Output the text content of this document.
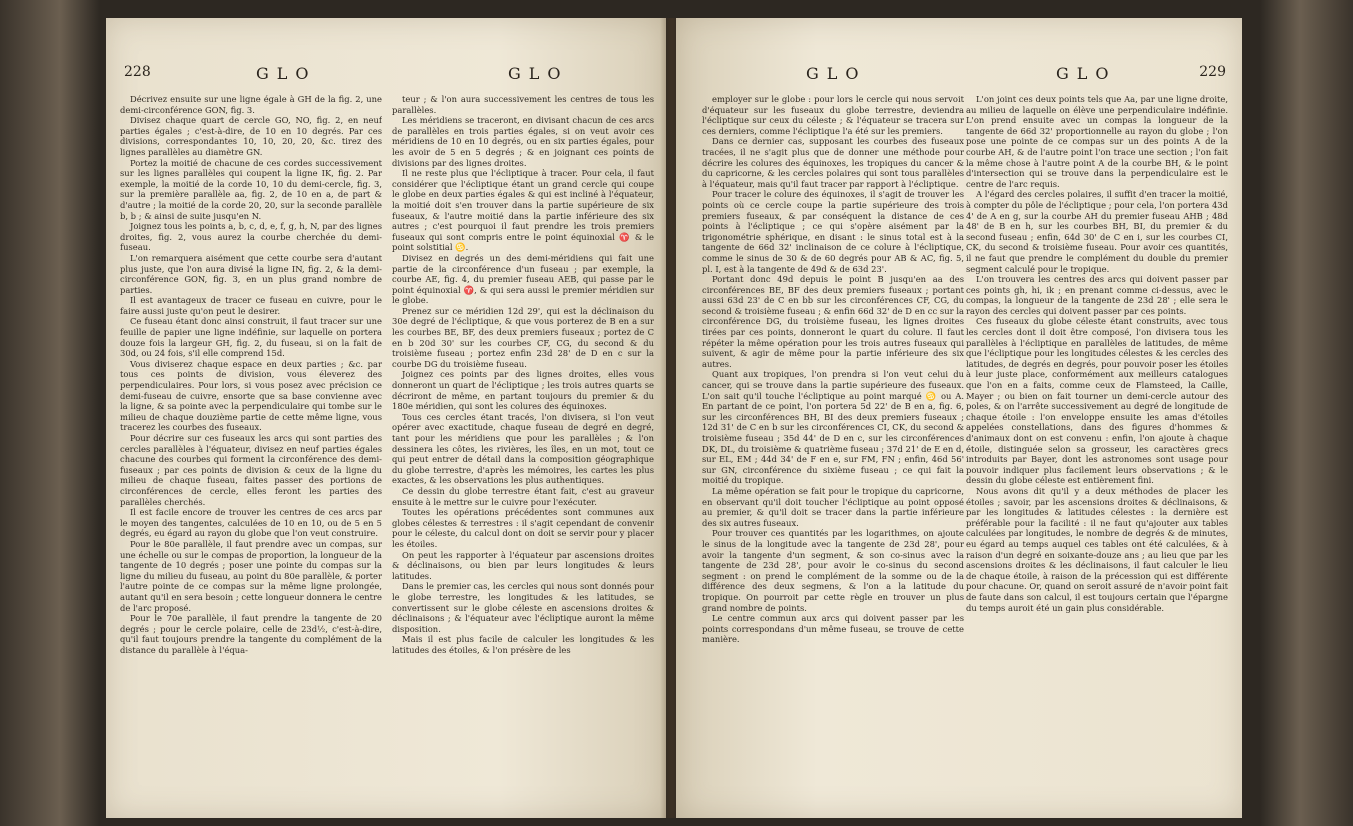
228	GLO	GLO

Décrivez ensuite sur une ligne égale à GH de la fig. 2, une demi-circonférence GON, fig. 3.

Divisez chaque quart de cercle GO, NO, fig. 2, en neuf parties égales ; c'est-à-dire, de 10 en 10 degrés. Par ces divisions, correspondantes 10, 10, 20, 20, &c. tirez des lignes parallèles au diamètre GN.

Portez la moitié de chacune de ces cordes successivement sur les lignes parallèles qui coupent la ligne IK, fig. 2. Par exemple, la moitié de la corde 10, 10 du demi-cercle, fig. 3, sur la première parallèle aa, fig. 2, de 10 en a, de part & d'autre ; la moitié de la corde 20, 20, sur la seconde parallèle b, b ; & ainsi de suite jusqu'en N.

Joignez tous les points a, b, c, d, e, f, g, h, N, par des lignes droites, fig. 2, vous aurez la courbe cherchée du demi-fuseau.

L'on remarquera aisément que cette courbe sera d'autant plus juste, que l'on aura divisé la ligne IN, fig. 2, & la demi-circonférence GON, fig. 3, en un plus grand nombre de parties.

Il est avantageux de tracer ce fuseau en cuivre, pour le faire aussi juste qu'on peut le desirer.

Ce fuseau étant donc ainsi construit, il faut tracer sur une feuille de papier une ligne indéfinie, sur laquelle on portera douze fois la largeur GH, fig. 2, du fuseau, si on la fait de 30d, ou 24 fois, s'il elle comprend 15d.

Vous diviserez chaque espace en deux parties ; &c. par tous ces points de division, vous éleverez des perpendiculaires. Pour lors, si vous posez avec précision ce demi-fuseau de cuivre, ensorte que sa base convienne avec la ligne, & sa pointe avec la perpendiculaire qui tombe sur le milieu de chaque douzième partie de cette même ligne, vous tracerez les courbes des fuseaux.

Pour décrire sur ces fuseaux les arcs qui sont parties des cercles parallèles à l'équateur, divisez en neuf parties égales chacune des courbes qui forment la circonférence des demi-fuseaux ; par ces points de division & ceux de la ligne du milieu de chaque fuseau, faites passer des portions de circonférences de cercle, elles feront les parties des parallèles cherchés.

Il est facile encore de trouver les centres de ces arcs par le moyen des tangentes, calculées de 10 en 10, ou de 5 en 5 degrés, eu égard au rayon du globe que l'on veut construire.

Pour le 80e parallèle, il faut prendre avec un compas, sur une échelle ou sur le compas de proportion, la longueur de la tangente de 10 degrés ; poser une pointe du compas sur la ligne du milieu du fuseau, au point du 80e parallèle, & porter l'autre pointe de ce compas sur la même ligne prolongée, autant qu'il en sera besoin ; cette longueur donnera le centre de l'arc proposé.

Pour le 70e parallèle, il faut prendre la tangente de 20 degrés ; pour le cercle polaire, celle de 23d½, c'est-à-dire, qu'il faut toujours prendre la tangente du complément de la distance du parallèle à l'équa-

teur ; & l'on aura successivement les centres de tous les parallèles.

Les méridiens se traceront, en divisant chacun de ces arcs de parallèles en trois parties égales, si on veut avoir ces méridiens de 10 en 10 degrés, ou en six parties égales, pour les avoir de 5 en 5 degrés ; & en joignant ces points de divisions par des lignes droites.

Il ne reste plus que l'écliptique à tracer. Pour cela, il faut considérer que l'écliptique étant un grand cercle qui coupe le globe en deux parties égales & qui est incliné à l'équateur, la moitié doit s'en trouver dans la partie supérieure de six fuseaux, & l'autre moitié dans la partie inférieure des six autres ; c'est pourquoi il faut prendre les trois premiers fuseaux qui sont compris entre le point équinoxial ♈ & le point solstitial ♋.

Divisez en degrés un des demi-méridiens qui fait une partie de la circonférence d'un fuseau ; par exemple, la courbe AE, fig. 4, du premier fuseau AEB, qui passe par le point équinoxial ♈, & qui sera aussi le premier méridien sur le globe.

Prenez sur ce méridien 12d 29', qui est la déclinaison du 30e degré de l'écliptique, & que vous porterez de B en a sur les courbes BE, BF, des deux premiers fuseaux ; portez de C en b 20d 30' sur les courbes CF, CG, du second & du troisième fuseau ; portez enfin 23d 28' de D en c sur la courbe DG du troisième fuseau.

Joignez ces points par des lignes droites, elles vous donneront un quart de l'écliptique ; les trois autres quarts se décriront de même, en partant toujours du premier & du 180e méridien, qui sont les colures des équinoxes.

Tous ces cercles étant tracés, l'on divisera, si l'on veut opérer avec exactitude, chaque fuseau de degré en degré, tant pour les méridiens que pour les parallèles ; & l'on dessinera les côtes, les rivières, les îles, en un mot, tout ce qui peut entrer de détail dans la composition géographique du globe terrestre, d'après les mémoires, les cartes les plus exactes, & les observations les plus authentiques.

Ce dessin du globe terrestre étant fait, c'est au graveur ensuite à le mettre sur le cuivre pour l'exécuter.

Toutes les opérations précédentes sont communes aux globes célestes & terrestres : il s'agit cependant de convenir pour le céleste, du calcul dont on doit se servir pour y placer les étoiles.

On peut les rapporter à l'équateur par ascensions droites & déclinaisons, ou bien par leurs longitudes & leurs latitudes.

Dans le premier cas, les cercles qui nous sont donnés pour le globe terrestre, les longitudes & les latitudes, se convertissent sur le globe céleste en ascensions droites & déclinaisons ; & l'équateur avec l'écliptique auront la même disposition.

Mais il est plus facile de calculer les longitudes & les latitudes des étoiles, & l'on présère de les

GLO	GLO	229

employer sur le globe : pour lors le cercle qui nous servoit d'équateur sur les fuseaux du globe terrestre, deviendra l'écliptique sur ceux du céleste ; & l'équateur se tracera sur ces derniers, comme l'écliptique l'a été sur les premiers.

Dans ce dernier cas, supposant les courbes des fuseaux tracées, il ne s'agit plus que de donner une méthode pour décrire les colures des équinoxes, les tropiques du cancer & du capricorne, & les cercles polaires qui sont tous parallèles à l'équateur, mais qu'il faut tracer par rapport à l'écliptique.

Pour tracer le colure des équinoxes, il s'agit de trouver les points où ce cercle coupe la partie supérieure des trois premiers fuseaux, & par conséquent la distance de ces points à l'écliptique ; ce qui s'opère aisément par la trigonométrie sphérique, en disant : le sinus total est à la tangente de 66d 32' inclinaison de ce colure à l'écliptique, comme le sinus de 30 & de 60 degrés pour AB & AC, fig. 5, pl. I, est à la tangente de 49d & de 63d 23'.

Portant donc 49d depuis le point B jusqu'en aa des circonférences BE, BF des deux premiers fuseaux ; portant aussi 63d 23' de C en bb sur les circonférences CF, CG, du second & troisième fuseau ; & enfin 66d 32' de D en cc sur la circonférence DG, du troisième fuseau, les lignes droites tirées par ces points, donneront le quart du colure. Il faut répéter la même opération pour les trois autres fuseaux qui suivent, & agir de même pour la partie inférieure des six autres.

Quant aux tropiques, l'on prendra si l'on veut celui du cancer, qui se trouve dans la partie supérieure des fuseaux. L'on sait qu'il touche l'écliptique au point marqué ♋ ou A. En partant de ce point, l'on portera 5d 22' de B en a, fig. 6, sur les circonférences BH, BI des deux premiers fuseaux ; 12d 31' de C en b sur les circonférences CI, CK, du second & troisième fuseau ; 35d 44' de D en c, sur les circonférences DK, DL, du troisième & quatrième fuseau ; 37d 21' de E en d, sur EL, EM ; 44d 34' de F en e, sur FM, FN ; enfin, 46d 56' sur GN, circonférence du sixième fuseau ; ce qui fait la moitié du tropique.

La même opération se fait pour le tropique du capricorne, en observant qu'il doit toucher l'écliptique au point opposé au premier, & qu'il doit se tracer dans la partie inférieure des six autres fuseaux.

Pour trouver ces quantités par les logarithmes, on ajoute le sinus de la longitude avec la tangente de 23d 28', pour avoir la tangente d'un segment, & son co-sinus avec la tangente de 23d 28', pour avoir le co-sinus du second segment : on prend le complément de la somme ou de la différence des deux segmens, & l'on a la latitude du tropique. On pourroit par cette règle en trouver un plus grand nombre de points.

Le centre commun aux arcs qui doivent passer par les points correspondans d'un même fuseau, se trouve de cette manière.

L'on joint ces deux points tels que Aa, par une ligne droite, au milieu de laquelle on élève une perpendiculaire indéfinie. L'on prend ensuite avec un compas la longueur de la tangente de 66d 32' proportionnelle au rayon du globe ; l'on pose une pointe de ce compas sur un des points A de la courbe AH, & de l'autre point l'on trace une section ; l'on fait la même chose à l'autre point A de la courbe BH, & le point d'intersection qui se trouve dans la perpendiculaire est le centre de l'arc requis.

A l'égard des cercles polaires, il suffit d'en tracer la moitié, à compter du pôle de l'écliptique ; pour cela, l'on portera 43d 4' de A en g, sur la courbe AH du premier fuseau AHB ; 48d 48' de B en h, sur les courbes BH, BI, du premier & du second fuseau ; enfin, 64d 30' de C en i, sur les courbes CI, CK, du second & troisième fuseau. Pour avoir ces quantités, il ne faut que prendre le complément du double du premier segment calculé pour le tropique.

L'on trouvera les centres des arcs qui doivent passer par ces points gh, hi, ik ; en prenant comme ci-dessus, avec le compas, la longueur de la tangente de 23d 28' ; elle sera le rayon des cercles qui doivent passer par ces points.

Ces fuseaux du globe céleste étant construits, avec tous les cercles dont il doit être composé, l'on divisera tous les parallèles à l'écliptique en parallèles de latitudes, de même que l'écliptique pour les longitudes célestes & les cercles des latitudes, de degrés en degrés, pour pouvoir poser les étoiles à leur juste place, conformément aux meilleurs catalogues que l'on en a faits, comme ceux de Flamsteed, la Caille, Mayer ; ou bien on fait tourner un demi-cercle autour des poles, & on l'arrête successivement au degré de longitude de chaque étoile : l'on enveloppe ensuite les amas d'étoiles appelées constellations, dans des figures d'hommes & d'animaux dont on est convenu : enfin, l'on ajoute à chaque étoile, distinguée selon sa grosseur, les caractères grecs introduits par Bayer, dont les astronomes sont usage pour pouvoir indiquer plus facilement leurs observations ; & le dessin du globe céleste est entièrement fini.

Nous avons dit qu'il y a deux méthodes de placer les étoiles ; savoir, par les ascensions droites & déclinaisons, & par les longitudes & latitudes célestes : la dernière est préférable pour la facilité : il ne faut qu'ajouter aux tables calculées par longitudes, le nombre de degrés & de minutes, eu égard au temps auquel ces tables ont été calculées, & à raison d'un degré en soixante-douze ans ; au lieu que par les ascensions droites & les déclinaisons, il faut calculer le lieu de chaque étoile, à raison de la précession qui est différente pour chacune. Or, quand on seroit assuré de n'avoir point fait de faute dans son calcul, il est toujours certain que l'épargne du temps auroit été un gain plus considérable.
